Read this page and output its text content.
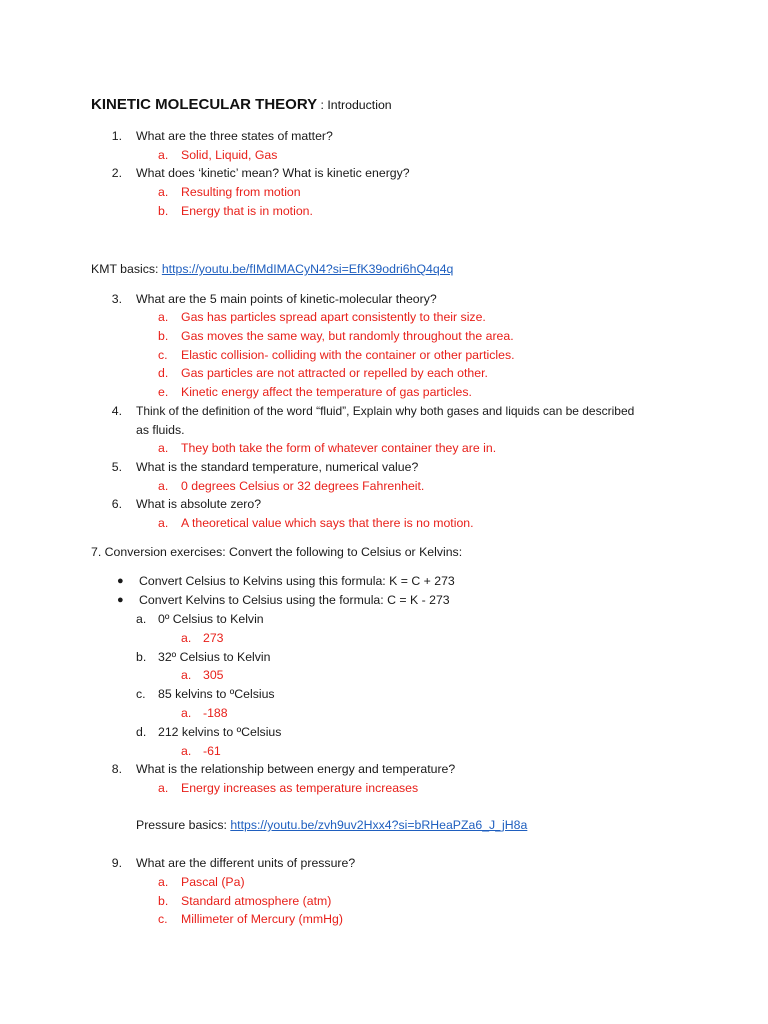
KINETIC MOLECULAR THEORY : Introduction
1. What are the three states of matter?
a. Solid, Liquid, Gas
2. What does ‘kinetic’ mean? What is kinetic energy?
a. Resulting from motion
b. Energy that is in motion.
KMT basics: https://youtu.be/fIMdIMACyN4?si=EfK39odri6hQ4q4q
3. What are the 5 main points of kinetic-molecular theory?
a. Gas has particles spread apart consistently to their size.
b. Gas moves the same way, but randomly throughout the area.
c. Elastic collision- colliding with the container or other particles.
d. Gas particles are not attracted or repelled by each other.
e. Kinetic energy affect the temperature of gas particles.
4. Think of the definition of the word “fluid”, Explain why both gases and liquids can be described
as fluids.
a. They both take the form of whatever container they are in.
5. What is the standard temperature, numerical value?
a. 0 degrees Celsius or 32 degrees Fahrenheit.
6. What is absolute zero?
a. A theoretical value which says that there is no motion.
7. Conversion exercises: Convert the following to Celsius or Kelvins:
● Convert Celsius to Kelvins using this formula: K = C + 273
● Convert Kelvins to Celsius using the formula: C = K - 273
a. 0º Celsius to Kelvin
a. 273
b. 32º Celsius to Kelvin
a. 305
c. 85 kelvins to ºCelsius
a. -188
d. 212 kelvins to ºCelsius
a. -61
8. What is the relationship between energy and temperature?
a. Energy increases as temperature increases
Pressure basics: https://youtu.be/zvh9uv2Hxx4?si=bRHeaPZa6_J_jH8a
9. What are the different units of pressure?
a. Pascal (Pa)
b. Standard atmosphere (atm)
c. Millimeter of Mercury (mmHg)
